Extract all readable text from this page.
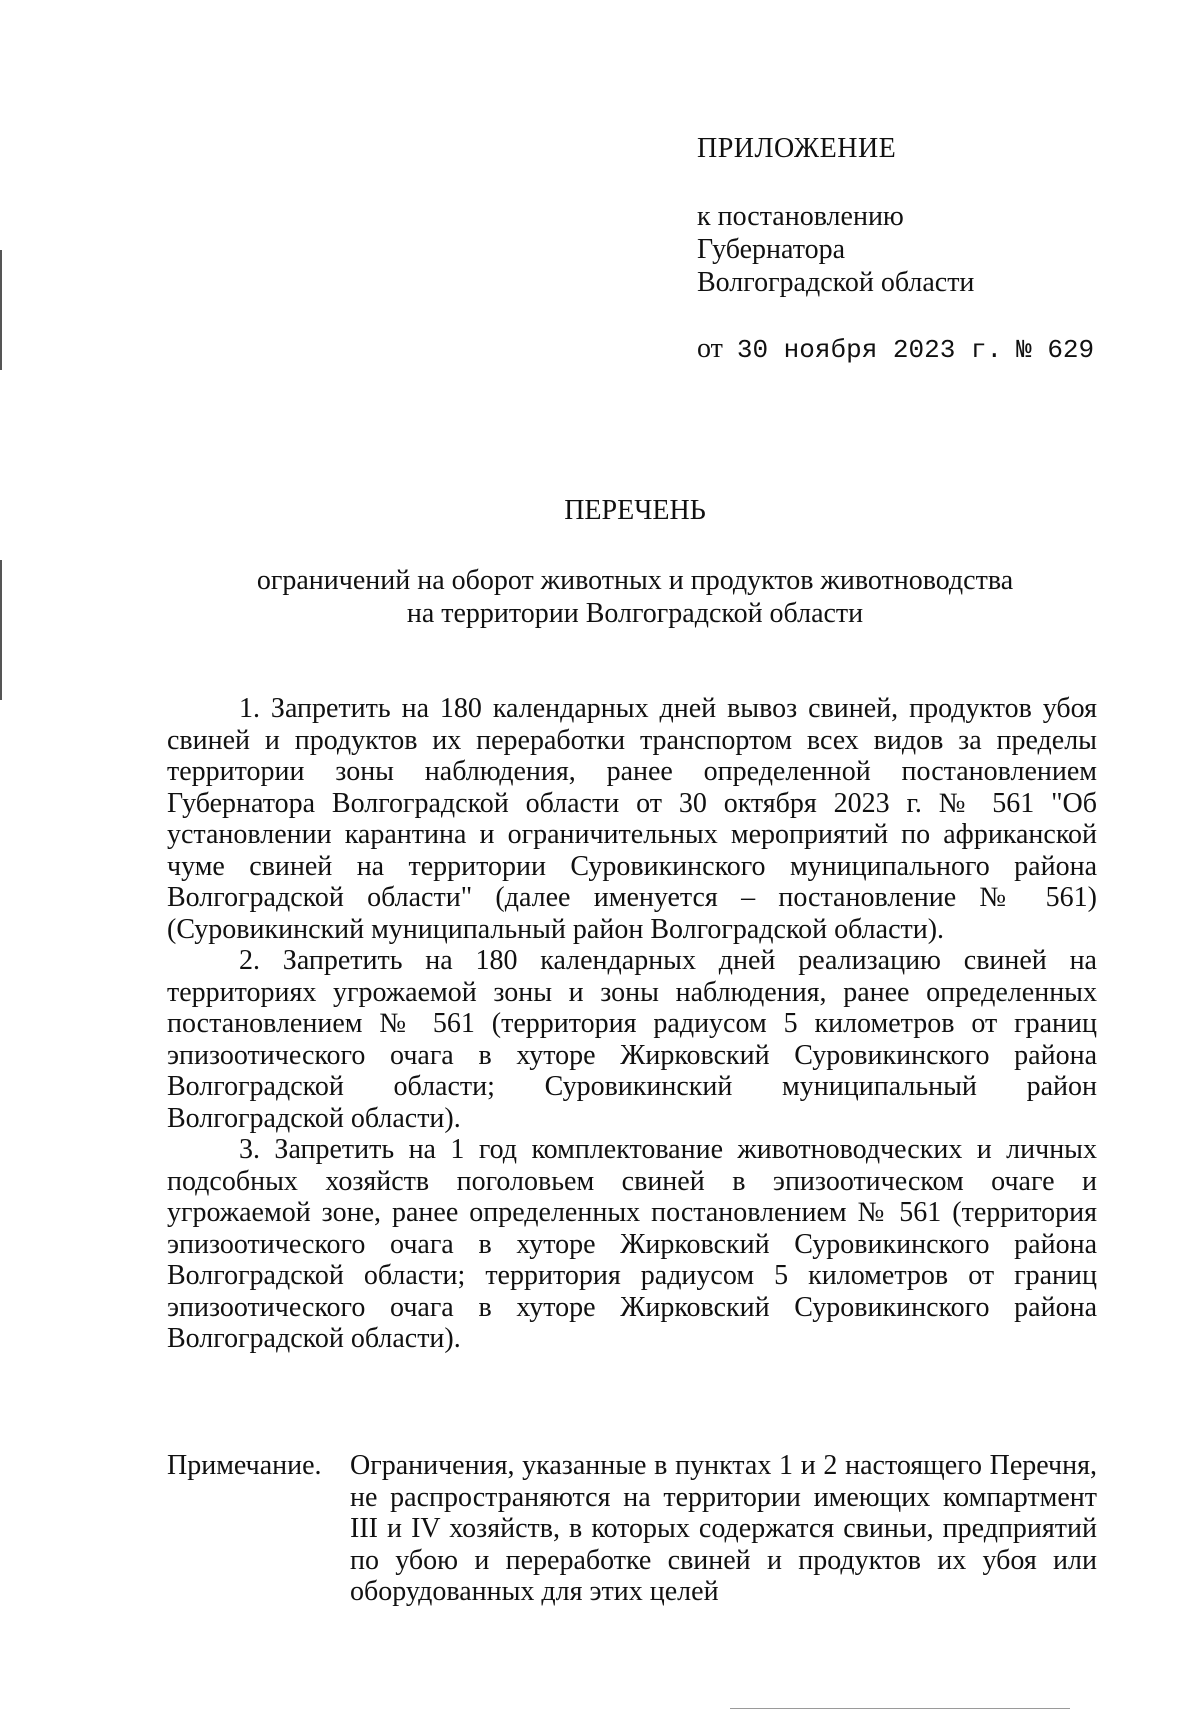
ПРИЛОЖЕНИЕ
к постановлению
Губернатора
Волгоградской области
от 30 ноября 2023 г. № 629
ПЕРЕЧЕНЬ
ограничений на оборот животных и продуктов животноводства
на территории Волгоградской области

1. Запретить на 180 календарных дней вывоз свиней, продуктов убоя свиней и продуктов их переработки транспортом всех видов за пределы территории зоны наблюдения, ранее определенной постановлением Губернатора Волгоградской области от 30 октября 2023 г. № 561 "Об установлении карантина и ограничительных мероприятий по африканской чуме свиней на территории Суровикинского муниципального района Волгоградской области" (далее именуется – постановление № 561) (Суровикинский муниципальный район Волгоградской области).

2. Запретить на 180 календарных дней реализацию свиней на территориях угрожаемой зоны и зоны наблюдения, ранее определенных постановлением № 561 (территория радиусом 5 километров от границ эпизоотического очага в хуторе Жирковский Суровикинского района Волгоградской области; Суровикинский муниципальный район Волгоградской области).

3. Запретить на 1 год комплектование животноводческих и личных подсобных хозяйств поголовьем свиней в эпизоотическом очаге и угрожаемой зоне, ранее определенных постановлением № 561 (территория эпизоотического очага в хуторе Жирковский Суровикинского района Волгоградской области; территория радиусом 5 километров от границ эпизоотического очага в хуторе Жирковский Суровикинского района Волгоградской области).

Примечание. Ограничения, указанные в пунктах 1 и 2 настоящего Перечня, не распространяются на территории имеющих компартмент III и IV хозяйств, в которых содержатся свиньи, предприятий по убою и переработке свиней и продуктов их убоя или оборудованных для этих целей
